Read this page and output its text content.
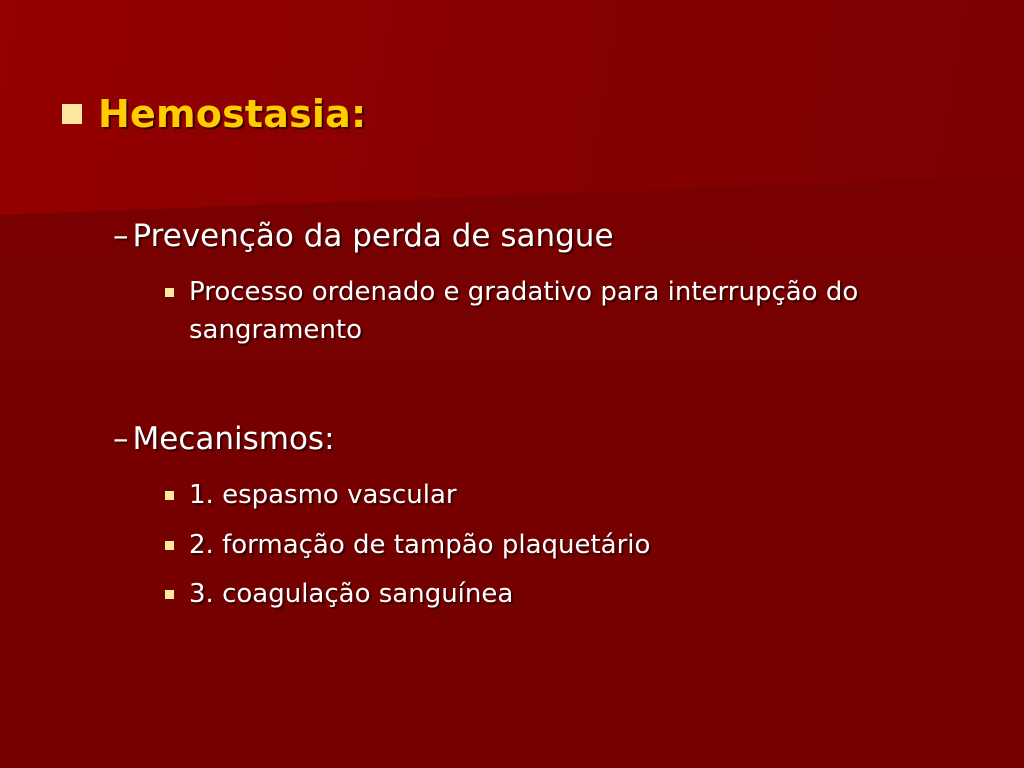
Hemostasia:
– Prevenção da perda de sangue
Processo ordenado e gradativo para interrupção do sangramento
– Mecanismos:
1. espasmo vascular
2. formação de tampão plaquetário
3. coagulação sanguínea
